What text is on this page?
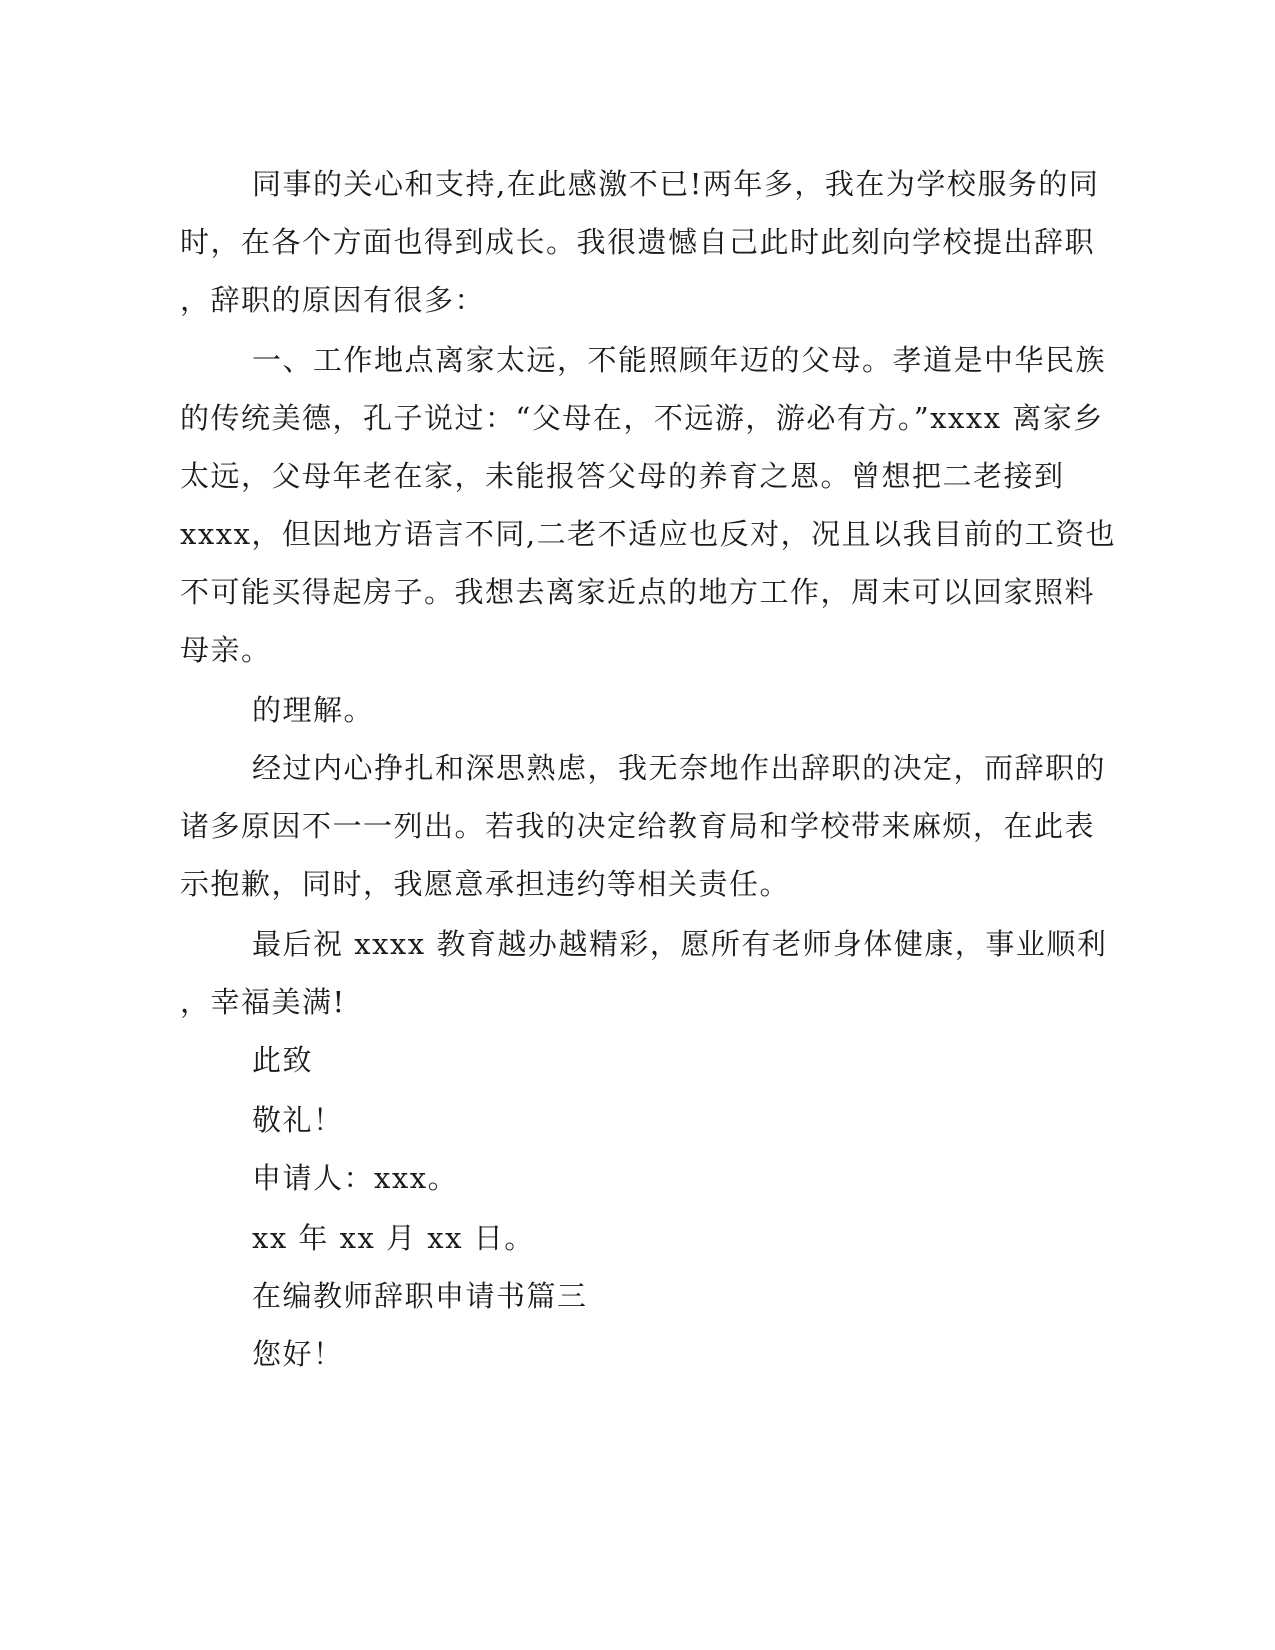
同事的关心和支持,在此感激不已!两年多，我在为学校服务的同
时，在各个方面也得到成长。我很遗憾自己此时此刻向学校提出辞职
，辞职的原因有很多：
一、工作地点离家太远，不能照顾年迈的父母。孝道是中华民族
的传统美德，孔子说过：“父母在，不远游，游必有方。”xxxx 离家乡
太远，父母年老在家，未能报答父母的养育之恩。曾想把二老接到
xxxx，但因地方语言不同,二老不适应也反对，况且以我目前的工资也
不可能买得起房子。我想去离家近点的地方工作，周末可以回家照料
母亲。
的理解。
经过内心挣扎和深思熟虑，我无奈地作出辞职的决定，而辞职的
诸多原因不一一列出。若我的决定给教育局和学校带来麻烦，在此表
示抱歉，同时，我愿意承担违约等相关责任。
最后祝 xxxx 教育越办越精彩，愿所有老师身体健康，事业顺利
，幸福美满!
此致
敬礼！
申请人：xxx。
xx 年 xx 月 xx 日。
在编教师辞职申请书篇三
您好！
